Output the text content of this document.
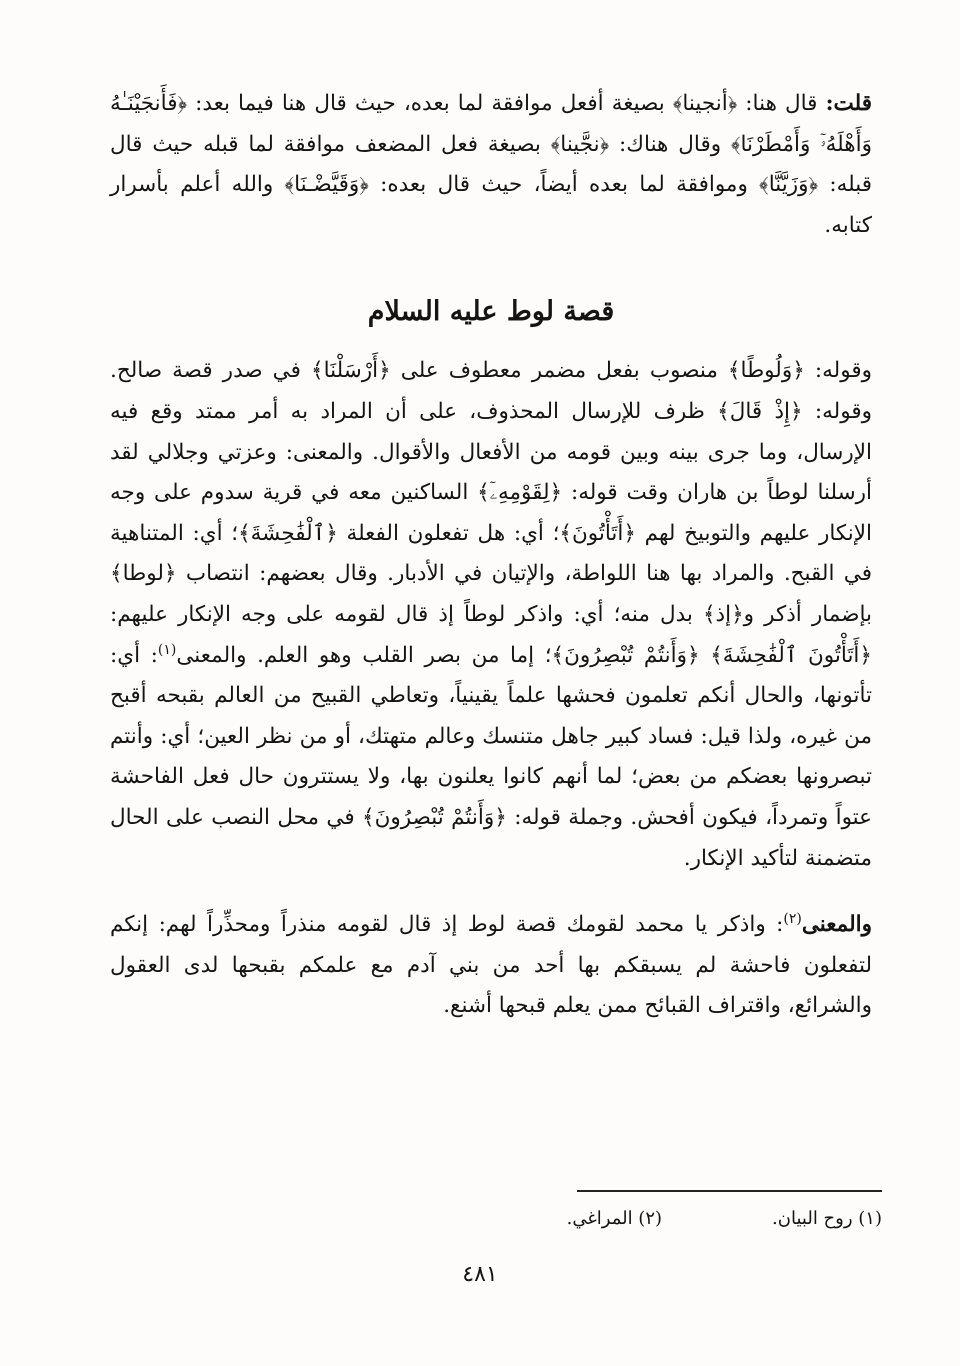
قلت: قال هنا: ﴿أنجينا﴾ بصيغة أفعل موافقة لما بعده، حيث قال هنا فيما بعد: ﴿فَأَنجَيْنَـٰهُ وَأَهْلَهُۥٓ وَأَمْطَرْنَا﴾ وقال هناك: ﴿نجَّينا﴾ بصيغة فعل المضعف موافقة لما قبله حيث قال قبله: ﴿وَزَيَّنَّا﴾ وموافقة لما بعده أيضاً، حيث قال بعده: ﴿وَقَيَّضْـنَا﴾ والله أعلم بأسرار كتابه.

قصة لوط عليه السلام

وقوله: ﴿وَلُوطًا﴾ منصوب بفعل مضمر معطوف على ﴿أَرْسَلْنَا﴾ في صدر قصة صالح. وقوله: ﴿إِذْ قَالَ﴾ ظرف للإرسال المحذوف، على أن المراد به أمر ممتد وقع فيه الإرسال، وما جرى بينه وبين قومه من الأفعال والأقوال. والمعنى: وعزتي وجلالي لقد أرسلنا لوطاً بن هاران وقت قوله: ﴿لِقَوْمِهِۦٓ﴾ الساكنين معه في قرية سدوم على وجه الإنكار عليهم والتوبيخ لهم ﴿أَتَأْتُونَ﴾؛ أي: هل تفعلون الفعلة ﴿ٱلْفَٰحِشَةَ﴾؛ أي: المتناهية في القبح. والمراد بها هنا اللواطة، والإتيان في الأدبار. وقال بعضهم: انتصاب ﴿لوطا﴾ بإضمار أذكر و﴿إذ﴾ بدل منه؛ أي: واذكر لوطاً إذ قال لقومه على وجه الإنكار عليهم: ﴿أَتَأْتُونَ ٱلْفَٰحِشَةَ﴾ ﴿وَأَنتُمْ تُبْصِرُونَ﴾؛ إما من بصر القلب وهو العلم. والمعنى$^{(١)}$: أي: تأتونها، والحال أنكم تعلمون فحشها علماً يقينياً، وتعاطي القبيح من العالم بقبحه أقبح من غيره، ولذا قيل: فساد كبير جاهل متنسك وعالم متهتك، أو من نظر العين؛ أي: وأنتم تبصرونها بعضكم من بعض؛ لما أنهم كانوا يعلنون بها، ولا يستترون حال فعل الفاحشة عتواً وتمرداً، فيكون أفحش. وجملة قوله: ﴿وَأَنتُمْ تُبْصِرُونَ﴾ في محل النصب على الحال متضمنة لتأكيد الإنكار.

والمعنى$^{(٢)}$: واذكر يا محمد لقومك قصة لوط إذ قال لقومه منذراً ومحذِّراً لهم: إنكم لتفعلون فاحشة لم يسبقكم بها أحد من بني آدم مع علمكم بقبحها لدى العقول والشرائع، واقتراف القبائح ممن يعلم قبحها أشنع.

(١) روح البيان.
(٢) المراغي.
٤٨١
